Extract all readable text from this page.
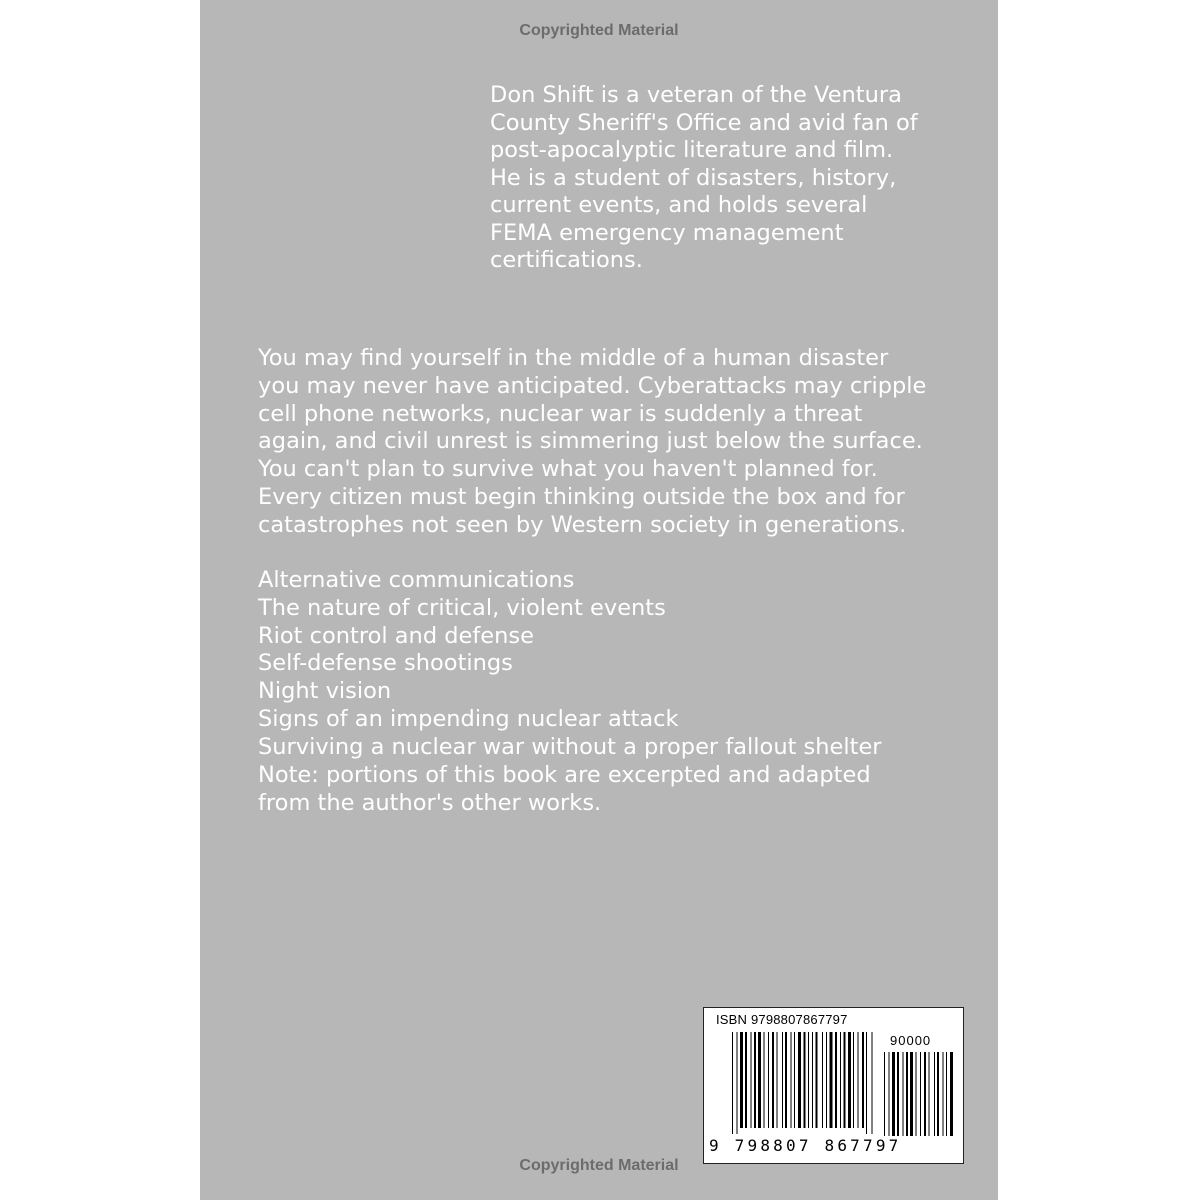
Copyrighted Material

Don Shift is a veteran of the Ventura
County Sheriff's Office and avid fan of
post-apocalyptic literature and film.
He is a student of disasters, history,
current events, and holds several
FEMA emergency management
certifications.

You may find yourself in the middle of a human disaster
you may never have anticipated. Cyberattacks may cripple
cell phone networks, nuclear war is suddenly a threat
again, and civil unrest is simmering just below the surface.
You can't plan to survive what you haven't planned for.
Every citizen must begin thinking outside the box and for
catastrophes not seen by Western society in generations.

Alternative communications
The nature of critical, violent events
Riot control and defense
Self-defense shootings
Night vision
Signs of an impending nuclear attack
Surviving a nuclear war without a proper fallout shelter

Note: portions of this book are excerpted and adapted
from the author's other works.

Copyrighted Material
ISBN 9798807867797
90000
9 798807 867797
